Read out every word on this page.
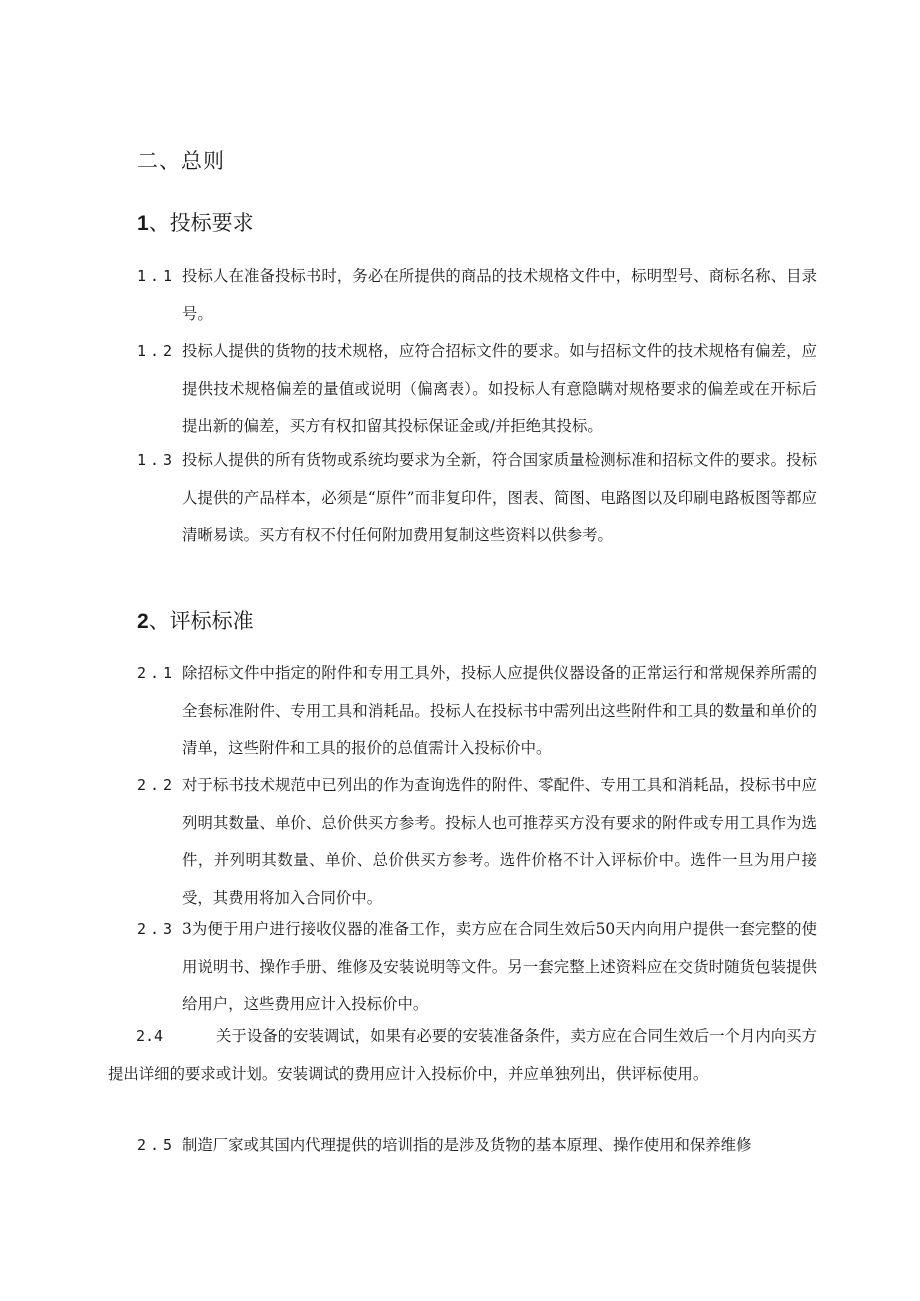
二、总则
1、投标要求
1.1 投标人在准备投标书时，务必在所提供的商品的技术规格文件中，标明型号、商标名称、目录号。
1.2 投标人提供的货物的技术规格，应符合招标文件的要求。如与招标文件的技术规格有偏差，应提供技术规格偏差的量值或说明（偏离表）。如投标人有意隐瞒对规格要求的偏差或在开标后提出新的偏差，买方有权扣留其投标保证金或/并拒绝其投标。
1.3 投标人提供的所有货物或系统均要求为全新，符合国家质量检测标准和招标文件的要求。投标人提供的产品样本，必须是“原件”而非复印件，图表、简图、电路图以及印刷电路板图等都应清晰易读。买方有权不付任何附加费用复制这些资料以供参考。
2、评标标准
2.1 除招标文件中指定的附件和专用工具外，投标人应提供仪器设备的正常运行和常规保养所需的全套标准附件、专用工具和消耗品。投标人在投标书中需列出这些附件和工具的数量和单价的清单，这些附件和工具的报价的总值需计入投标价中。
2.2 对于标书技术规范中已列出的作为查询选件的附件、零配件、专用工具和消耗品，投标书中应列明其数量、单价、总价供买方参考。投标人也可推荐买方没有要求的附件或专用工具作为选件，并列明其数量、单价、总价供买方参考。选件价格不计入评标价中。选件一旦为用户接受，其费用将加入合同价中。
2.3 3为便于用户进行接收仪器的准备工作，卖方应在合同生效后50天内向用户提供一套完整的使用说明书、操作手册、维修及安装说明等文件。另一套完整上述资料应在交货时随货包装提供给用户，这些费用应计入投标价中。
2.4	关于设备的安装调试，如果有必要的安装准备条件，卖方应在合同生效后一个月内向买方提出详细的要求或计划。安装调试的费用应计入投标价中，并应单独列出，供评标使用。
2.5 制造厂家或其国内代理提供的培训指的是涉及货物的基本原理、操作使用和保养维修
